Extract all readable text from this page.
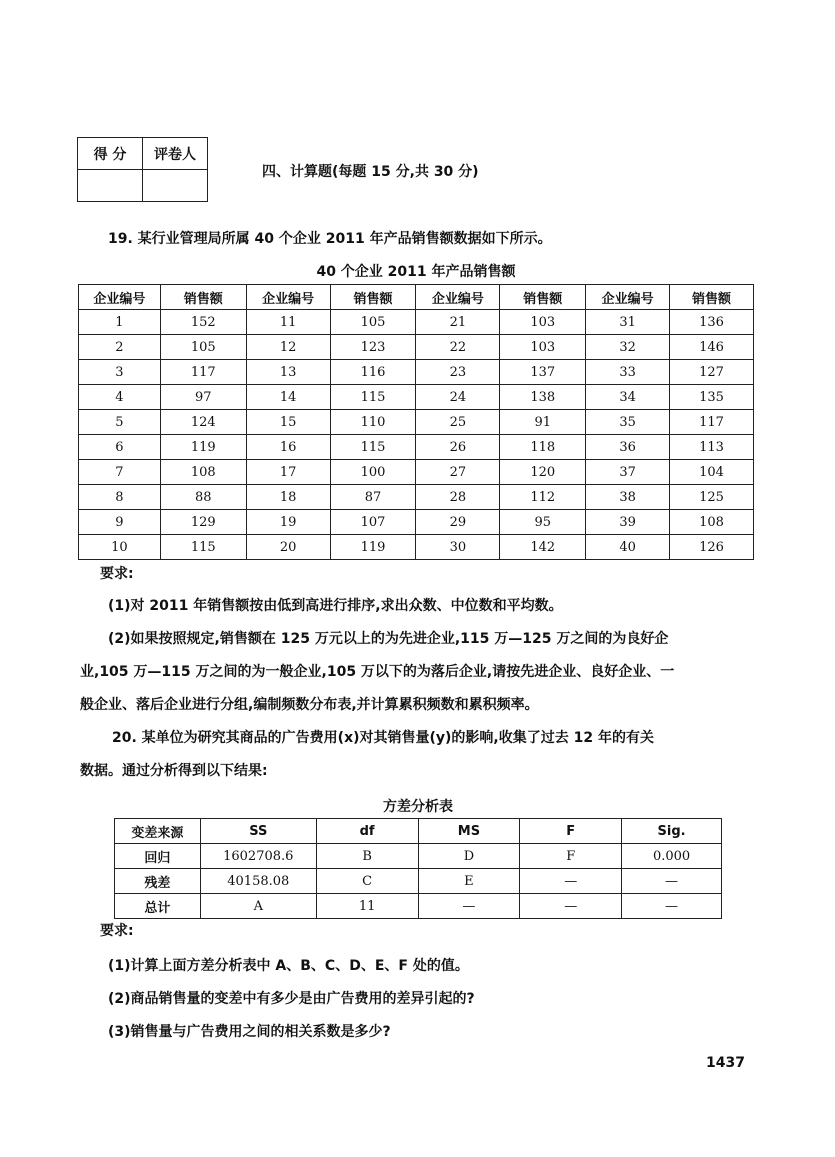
得 分	评卷人

四、计算题(每题 15 分,共 30 分)
19. 某行业管理局所属 40 个企业 2011 年产品销售额数据如下所示。
40 个企业 2011 年产品销售额
企业编号	销售额	企业编号	销售额	企业编号	销售额	企业编号	销售额
1	152	11	105	21	103	31	136
2	105	12	123	22	103	32	146
3	117	13	116	23	137	33	127
4	97	14	115	24	138	34	135
5	124	15	110	25	91	35	117
6	119	16	115	26	118	36	113
7	108	17	100	27	120	37	104
8	88	18	87	28	112	38	125
9	129	19	107	29	95	39	108
10	115	20	119	30	142	40	126
要求:
(1)对 2011 年销售额按由低到高进行排序,求出众数、中位数和平均数。
(2)如果按照规定,销售额在 125 万元以上的为先进企业,115 万—125 万之间的为良好企
业,105 万—115 万之间的为一般企业,105 万以下的为落后企业,请按先进企业、良好企业、一
般企业、落后企业进行分组,编制频数分布表,并计算累积频数和累积频率。
20. 某单位为研究其商品的广告费用(x)对其销售量(y)的影响,收集了过去 12 年的有关
数据。通过分析得到以下结果:
方差分析表
变差来源	SS	df	MS	F	Sig.
回归	1602708.6	B	D	F	0.000
残差	40158.08	C	E	—	—
总计	A	11	—	—	—
要求:
(1)计算上面方差分析表中 A、B、C、D、E、F 处的值。
(2)商品销售量的变差中有多少是由广告费用的差异引起的?
(3)销售量与广告费用之间的相关系数是多少?
1437
